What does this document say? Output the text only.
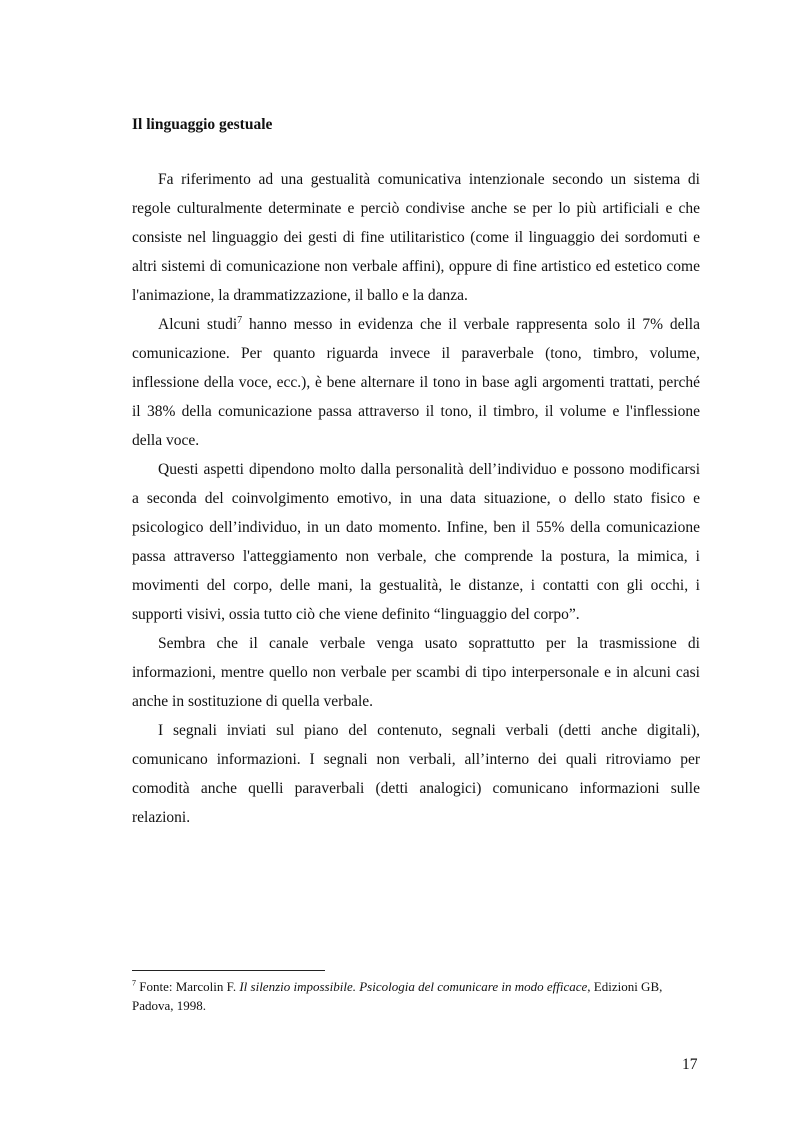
Il linguaggio gestuale

Fa riferimento ad una gestualità comunicativa intenzionale secondo un sistema di regole culturalmente determinate e perciò condivise anche se per lo più artificiali e che consiste nel linguaggio dei gesti di fine utilitaristico (come il linguaggio dei sordomuti e altri sistemi di comunicazione non verbale affini), oppure di fine artistico ed estetico come l'animazione, la drammatizzazione, il ballo e la danza.

Alcuni studi$^7$ hanno messo in evidenza che il verbale rappresenta solo il 7% della comunicazione. Per quanto riguarda invece il paraverbale (tono, timbro, volume, inflessione della voce, ecc.), è bene alternare il tono in base agli argomenti trattati, perché il 38% della comunicazione passa attraverso il tono, il timbro, il volume e l'inflessione della voce.

Questi aspetti dipendono molto dalla personalità dell’individuo e possono modificarsi a seconda del coinvolgimento emotivo, in una data situazione, o dello stato fisico e psicologico dell’individuo, in un dato momento. Infine, ben il 55% della comunicazione passa attraverso l'atteggiamento non verbale, che comprende la postura, la mimica, i movimenti del corpo, delle mani, la gestualità, le distanze, i contatti con gli occhi, i supporti visivi, ossia tutto ciò che viene definito “linguaggio del corpo”.

Sembra che il canale verbale venga usato soprattutto per la trasmissione di informazioni, mentre quello non verbale per scambi di tipo interpersonale e in alcuni casi anche in sostituzione di quella verbale.

I segnali inviati sul piano del contenuto, segnali verbali (detti anche digitali), comunicano informazioni. I segnali non verbali, all’interno dei quali ritroviamo per comodità anche quelli paraverbali (detti analogici) comunicano informazioni sulle relazioni.

$^7$ Fonte: Marcolin F. Il silenzio impossibile. Psicologia del comunicare in modo efficace, Edizioni GB, Padova, 1998.
17
